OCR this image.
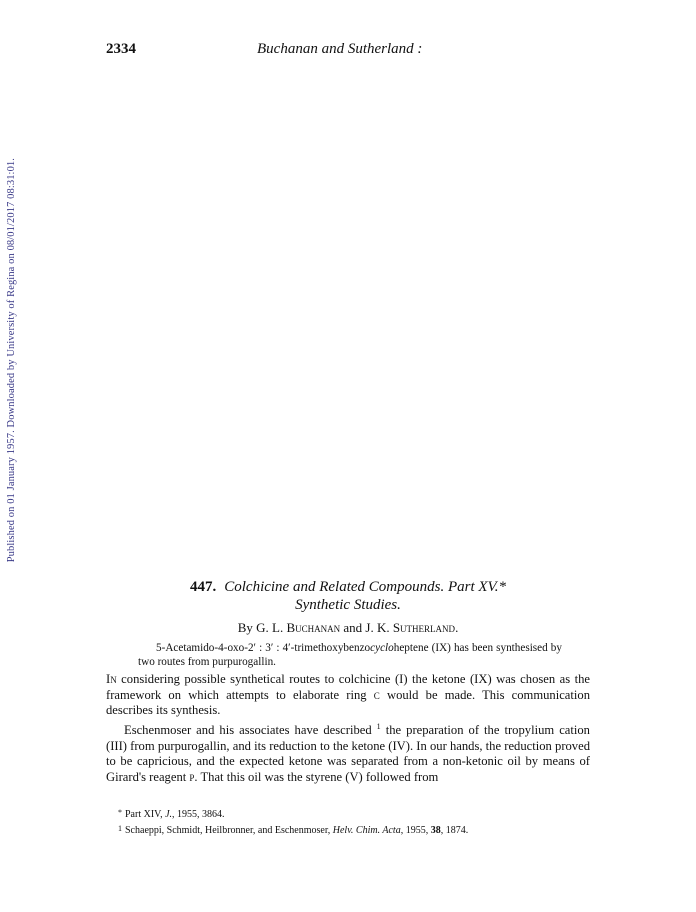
2334	Buchanan and Sutherland :
Published on 01 January 1957. Downloaded by University of Regina on 08/01/2017 08:31:01.
447. Colchicine and Related Compounds. Part XV.*
Synthetic Studies.
By G. L. Buchanan and J. K. Sutherland.
5-Acetamido-4-oxo-2′ : 3′ : 4′-trimethoxybenzocycloheptene (IX) has been synthesised by two routes from purpurogallin.

In considering possible synthetical routes to colchicine (I) the ketone (IX) was chosen as the framework on which attempts to elaborate ring c would be made. This communication describes its synthesis.

Eschenmoser and his associates have described $^1$ the preparation of the tropylium cation (III) from purpurogallin, and its reduction to the ketone (IV). In our hands, the reduction proved to be capricious, and the expected ketone was separated from a non-ketonic oil by means of Girard's reagent p. That this oil was the styrene (V) followed from

* Part XIV, J., 1955, 3864.
$^1$ Schaeppi, Schmidt, Heilbronner, and Eschenmoser, Helv. Chim. Acta, 1955, 38, 1874.
